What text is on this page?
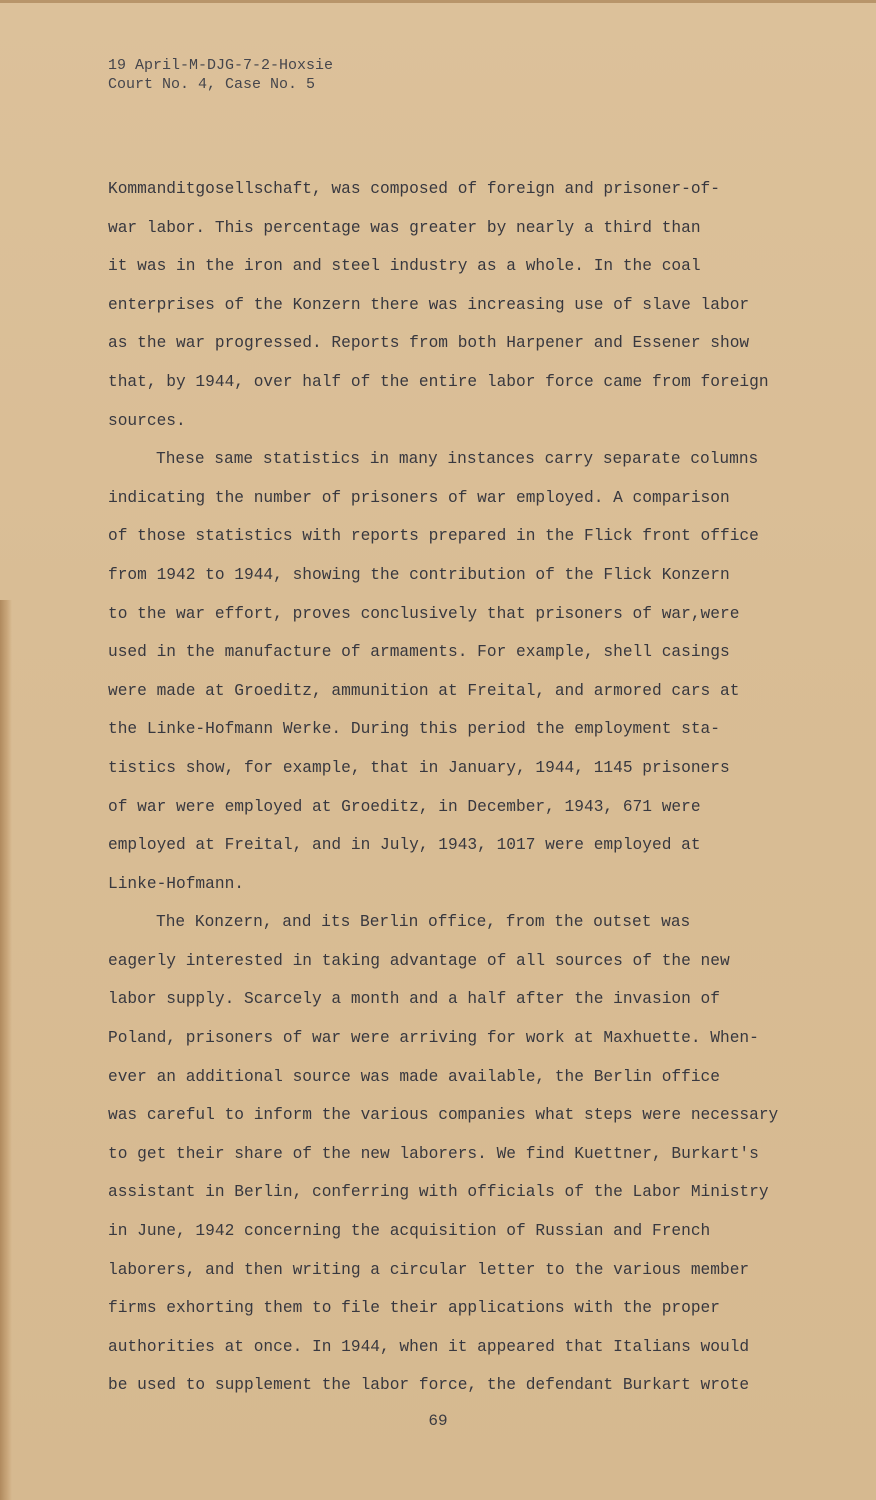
19 April-M-DJG-7-2-Hoxsie
Court No. 4, Case No. 5
Kommanditgosellschaft, was composed of foreign and prisoner-of-
war labor. This percentage was greater by nearly a third than
it was in the iron and steel industry as a whole. In the coal
enterprises of the Konzern there was increasing use of slave labor
as the war progressed. Reports from both Harpener and Essener show
that, by 1944, over half of the entire labor force came from foreign
sources.
These same statistics in many instances carry separate columns
indicating the number of prisoners of war employed. A comparison
of those statistics with reports prepared in the Flick front office
from 1942 to 1944, showing the contribution of the Flick Konzern
to the war effort, proves conclusively that prisoners of war,were
used in the manufacture of armaments. For example, shell casings
were made at Groeditz, ammunition at Freital, and armored cars at
the Linke-Hofmann Werke. During this period the employment sta-
tistics show, for example, that in January, 1944, 1145 prisoners
of war were employed at Groeditz, in December, 1943, 671 were
employed at Freital, and in July, 1943, 1017 were employed at
Linke-Hofmann.
The Konzern, and its Berlin office, from the outset was
eagerly interested in taking advantage of all sources of the new
labor supply. Scarcely a month and a half after the invasion of
Poland, prisoners of war were arriving for work at Maxhuette. When-
ever an additional source was made available, the Berlin office
was careful to inform the various companies what steps were necessary
to get their share of the new laborers. We find Kuettner, Burkart's
assistant in Berlin, conferring with officials of the Labor Ministry
in June, 1942 concerning the acquisition of Russian and French
laborers, and then writing a circular letter to the various member
firms exhorting them to file their applications with the proper
authorities at once. In 1944, when it appeared that Italians would
be used to supplement the labor force, the defendant Burkart wrote
69
